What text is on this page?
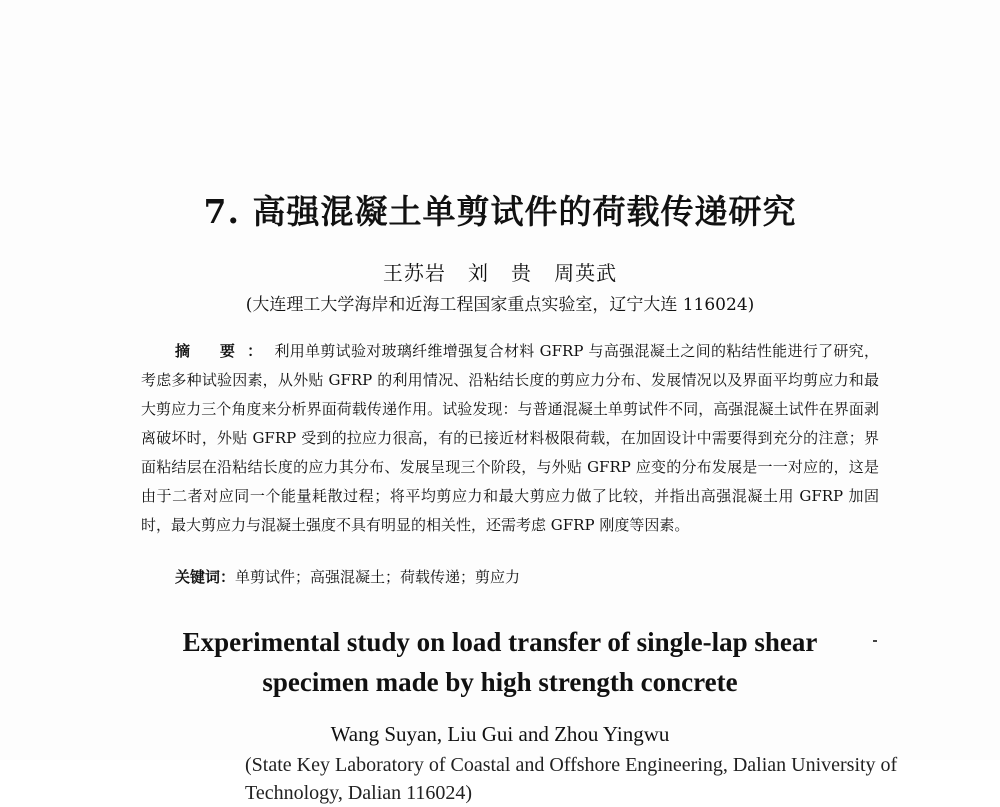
7. 高强混凝土单剪试件的荷载传递研究
王苏岩   刘   贵   周英武
(大连理工大学海岸和近海工程国家重点实验室，辽宁大连 116024)
摘 要：利用单剪试验对玻璃纤维增强复合材料 GFRP 与高强混凝土之间的粘结性能进行了研究，考虑多种试验因素，从外贴 GFRP 的利用情况、沿粘结长度的剪应力分布、发展情况以及界面平均剪应力和最大剪应力三个角度来分析界面荷载传递作用。试验发现：与普通混凝土单剪试件不同，高强混凝土试件在界面剥离破坏时，外贴 GFRP 受到的拉应力很高，有的已接近材料极限荷载，在加固设计中需要得到充分的注意；界面粘结层在沿粘结长度的应力其分布、发展呈现三个阶段，与外贴 GFRP 应变的分布发展是一一对应的，这是由于二者对应同一个能量耗散过程；将平均剪应力和最大剪应力做了比较，并指出高强混凝土用 GFRP 加固时，最大剪应力与混凝土强度不具有明显的相关性，还需考虑 GFRP 刚度等因素。
关键词：单剪试件；高强混凝土；荷载传递；剪应力
Experimental study on load transfer of single-lap shear
specimen made by high strength concrete
Wang Suyan, Liu Gui and Zhou Yingwu
(State Key Laboratory of Coastal and Offshore Engineering, Dalian University of Technology, Dalian 116024)
